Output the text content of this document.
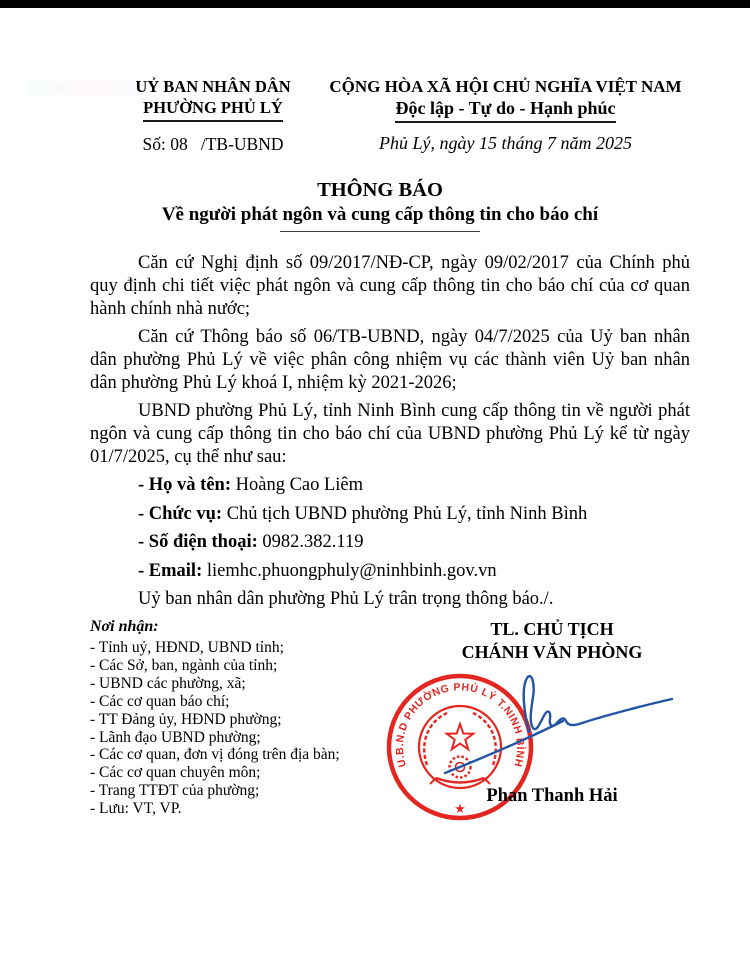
UỶ BAN NHÂN DÂN
PHƯỜNG PHỦ LÝ
CỘNG HÒA XÃ HỘI CHỦ NGHĨA VIỆT NAM
Độc lập - Tự do - Hạnh phúc
Số: 08   /TB-UBND	Phủ Lý, ngày 15 tháng 7 năm 2025
THÔNG BÁO
Về người phát ngôn và cung cấp thông tin cho báo chí

Căn cứ Nghị định số 09/2017/NĐ-CP, ngày 09/02/2017 của Chính phủ quy định chi tiết việc phát ngôn và cung cấp thông tin cho báo chí của cơ quan hành chính nhà nước;

Căn cứ Thông báo số 06/TB-UBND, ngày 04/7/2025 của Uỷ ban nhân dân phường Phủ Lý về việc phân công nhiệm vụ các thành viên Uỷ ban nhân dân phường Phủ Lý khoá I, nhiệm kỳ 2021-2026;

UBND phường Phủ Lý, tỉnh Ninh Bình cung cấp thông tin về người phát ngôn và cung cấp thông tin cho báo chí của UBND phường Phủ Lý kể từ ngày 01/7/2025, cụ thể như sau:

- Họ và tên: Hoàng Cao Liêm
- Chức vụ: Chủ tịch UBND phường Phủ Lý, tỉnh Ninh Bình
- Số điện thoại: 0982.382.119
- Email: liemhc.phuongphuly@ninhbinh.gov.vn

Uỷ ban nhân dân phường Phủ Lý trân trọng thông báo./.

Nơi nhận:
- Tỉnh uỷ, HĐND, UBND tỉnh;
- Các Sở, ban, ngành của tỉnh;
- UBND các phường, xã;
- Các cơ quan báo chí;
- TT Đảng ủy, HĐND phường;
- Lãnh đạo UBND phường;
- Các cơ quan, đơn vị đóng trên địa bàn;
- Các cơ quan chuyên môn;
- Trang TTĐT của phường;
- Lưu: VT, VP.
TL. CHỦ TỊCH
CHÁNH VĂN PHÒNG
U.B.N.D PHƯỜNG PHỦ LÝ T.NINH BÌNH
★
Phan Thanh Hải
